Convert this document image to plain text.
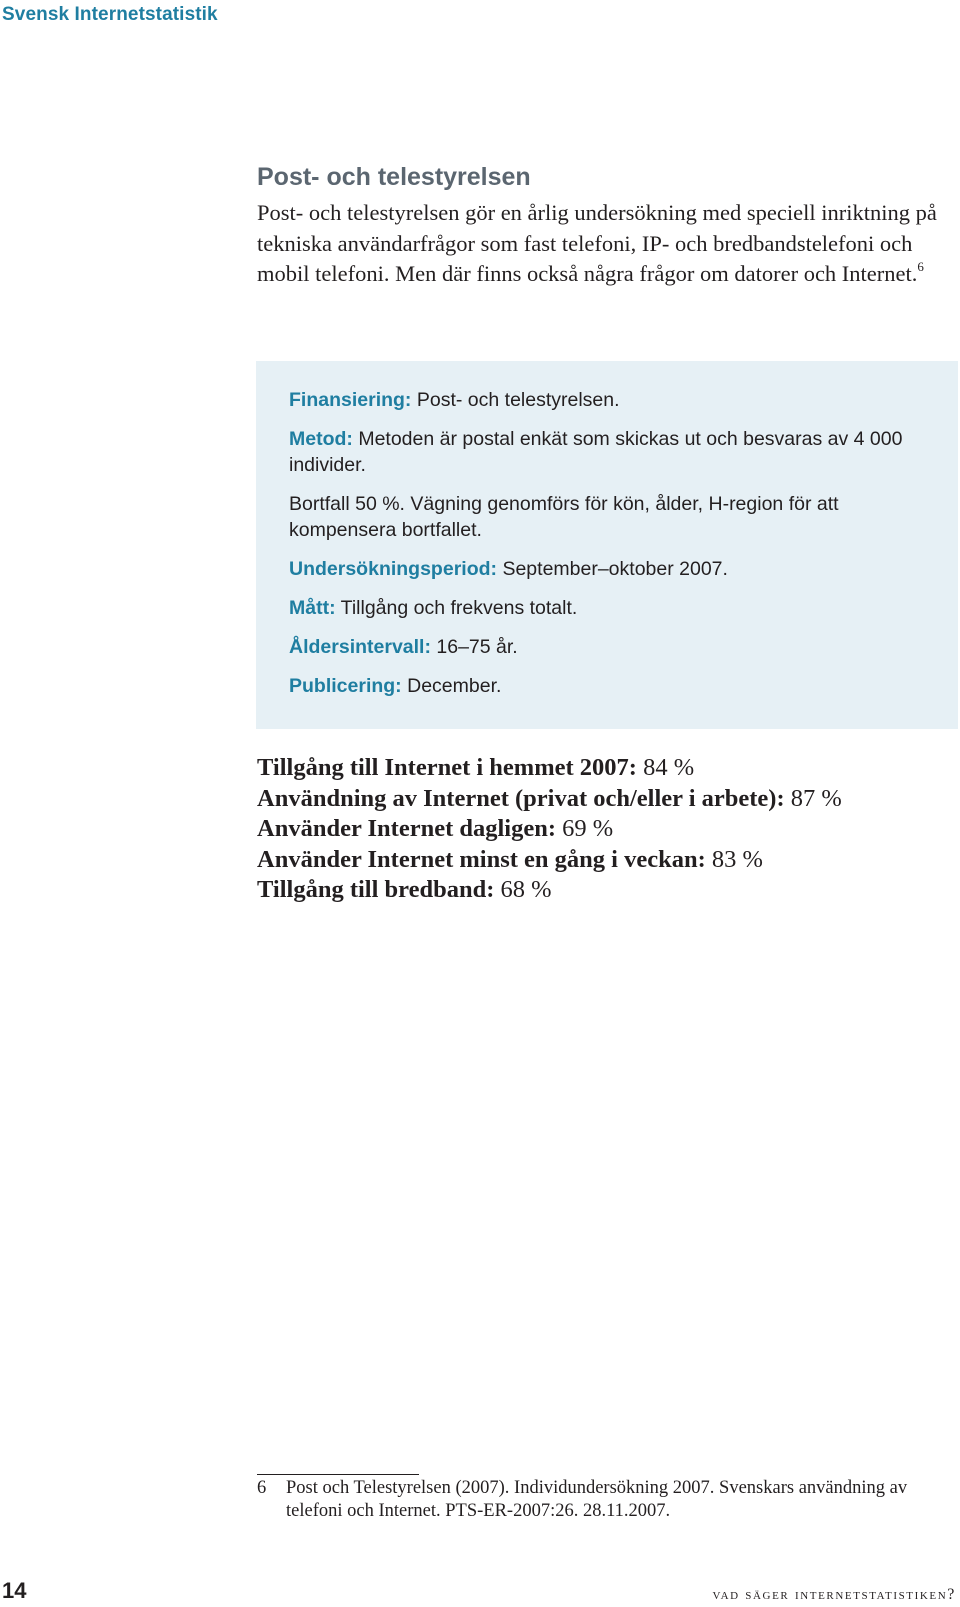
Svensk Internetstatistik
Post- och telestyrelsen

Post- och telestyrelsen gör en årlig undersökning med speciell inriktning på tekniska användarfrågor som fast telefoni, IP- och bredbandstelefoni och mobil telefoni. Men där finns också några frågor om datorer och Internet.$^6$

Finansiering: Post- och telestyrelsen.
Metod: Metoden är postal enkät som skickas ut och besvaras av 4 000 individer.
Bortfall 50 %. Vägning genomförs för kön, ålder, H-region för att kompensera bortfallet.
Undersökningsperiod: September–oktober 2007.
Mått: Tillgång och frekvens totalt.
Åldersintervall: 16–75 år.
Publicering: December.
Tillgång till Internet i hemmet 2007: 84 %
Användning av Internet (privat och/eller i arbete): 87 %
Använder Internet dagligen: 69 %
Använder Internet minst en gång i veckan: 83 %
Tillgång till bredband: 68 %
6	Post och Telestyrelsen (2007). Individundersökning 2007. Svenskars användning av telefoni och Internet. PTS-ER-2007:26. 28.11.2007.
14	vad säger internetstatistiken?
